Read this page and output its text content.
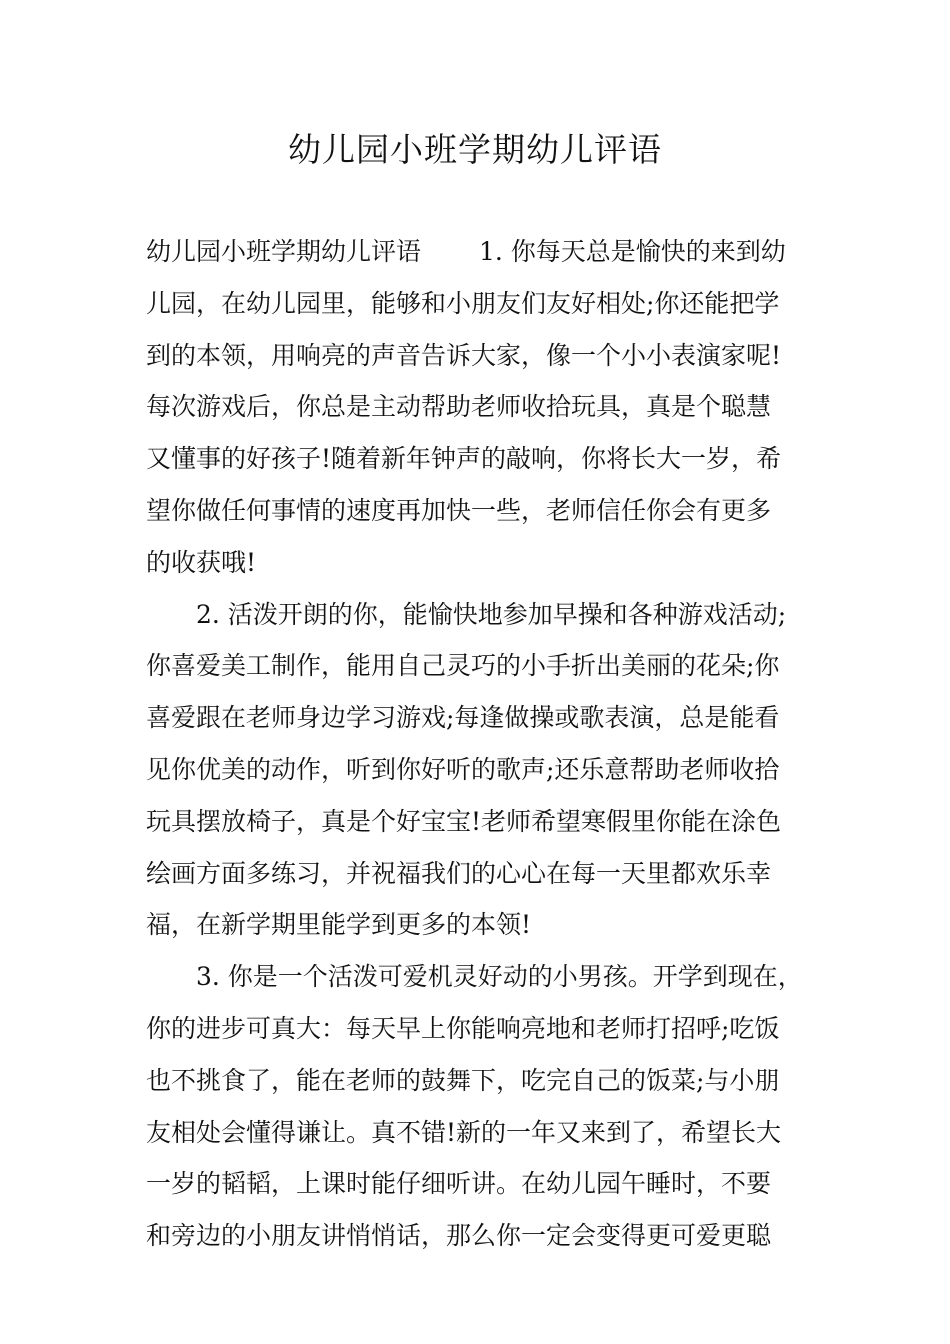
幼儿园小班学期幼儿评语
幼儿园小班学期幼儿评语　　 1. 你每天总是愉快的来到幼
儿园，在幼儿园里，能够和小朋友们友好相处;你还能把学
到的本领，用响亮的声音告诉大家，像一个小小表演家呢!
每次游戏后，你总是主动帮助老师收拾玩具，真是个聪慧
又懂事的好孩子!随着新年钟声的敲响，你将长大一岁，希
望你做任何事情的速度再加快一些，老师信任你会有更多
的收获哦!
2. 活泼开朗的你，能愉快地参加早操和各种游戏活动;
你喜爱美工制作，能用自己灵巧的小手折出美丽的花朵;你
喜爱跟在老师身边学习游戏;每逢做操或歌表演，总是能看
见你优美的动作，听到你好听的歌声;还乐意帮助老师收拾
玩具摆放椅子，真是个好宝宝!老师希望寒假里你能在涂色
绘画方面多练习，并祝福我们的心心在每一天里都欢乐幸
福，在新学期里能学到更多的本领!
3. 你是一个活泼可爱机灵好动的小男孩。开学到现在，
你的进步可真大：每天早上你能响亮地和老师打招呼;吃饭
也不挑食了，能在老师的鼓舞下，吃完自己的饭菜;与小朋
友相处会懂得谦让。真不错!新的一年又来到了，希望长大
一岁的韬韬，上课时能仔细听讲。在幼儿园午睡时，不要
和旁边的小朋友讲悄悄话，那么你一定会变得更可爱更聪
